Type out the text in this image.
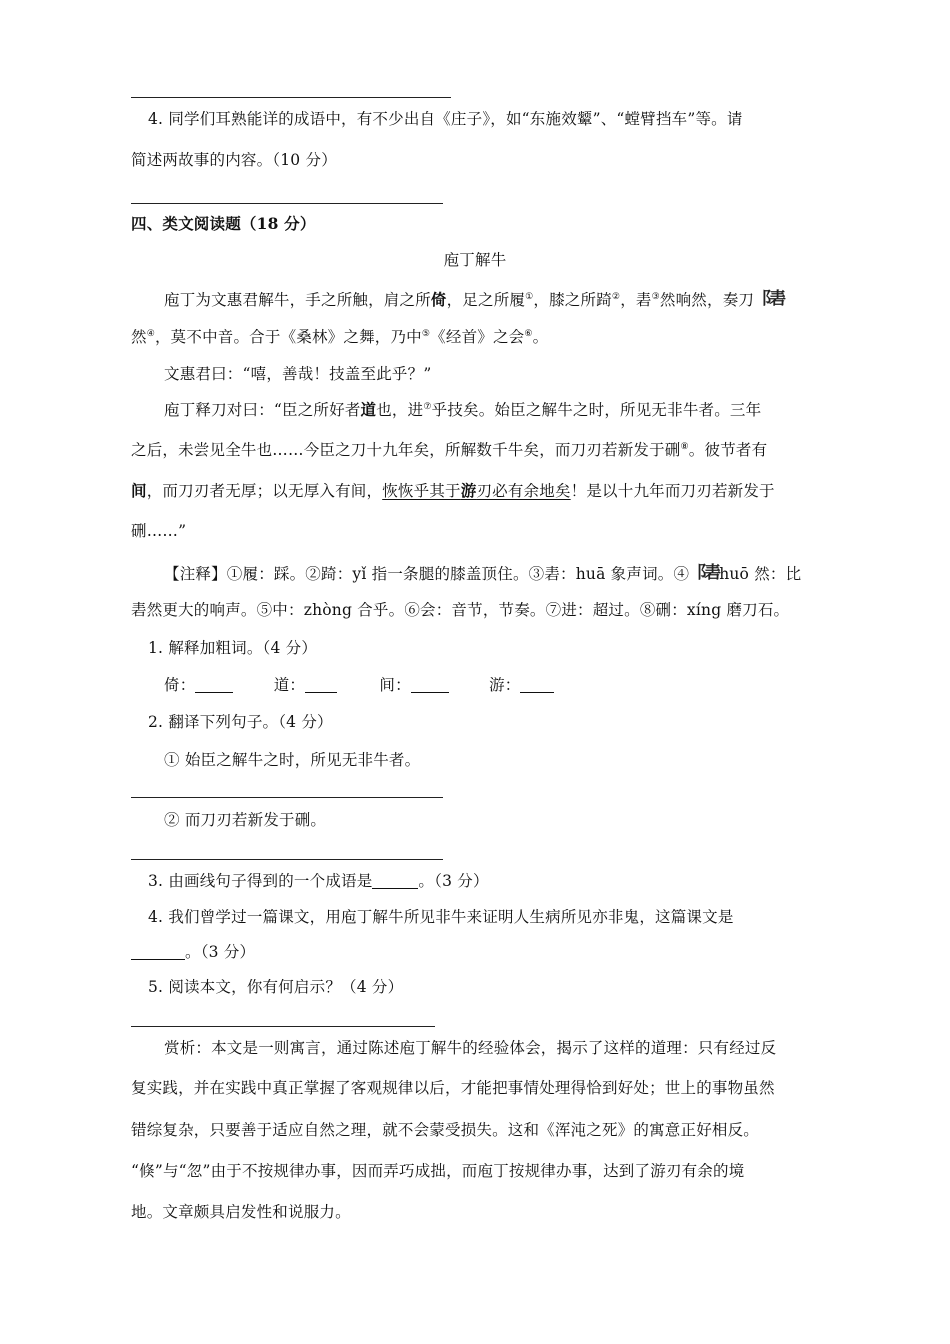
4. 同学们耳熟能详的成语中，有不少出自《庄子》，如“东施效颦”、“螳臂挡车”等。请
简述两故事的内容。（10 分）
四、类文阅读题（18 分）
庖丁解牛
庖丁为文惠君解牛，手之所触，肩之所倚，足之所履①，膝之所踦②，砉③然响然，奏刀⻏砉
然④，莫不中音。合于《桑林》之舞，乃中⑤《经首》之会⑥。
文惠君曰：“嘻，善哉！技盖至此乎？”
庖丁释刀对曰：“臣之所好者道也，进⑦乎技矣。始臣之解牛之时，所见无非牛者。三年
之后，未尝见全牛也……今臣之刀十九年矣，所解数千牛矣，而刀刃若新发于硎⑧。彼节者有
间，而刀刃者无厚；以无厚入有间，恢恢乎其于游刃必有余地矣！是以十九年而刀刃若新发于
硎……”
【注释】①履：踩。②踦：yǐ 指一条腿的膝盖顶住。③砉：huā 象声词。④⻏砉huō 然：比
砉然更大的响声。⑤中：zhòng 合乎。⑥会：音节，节奏。⑦进：超过。⑧硎：xíng 磨刀石。
1. 解释加粗词。（4 分）
倚：	道：	间：	游：
2. 翻译下列句子。（4 分）
① 始臣之解牛之时，所见无非牛者。
② 而刀刃若新发于硎。
3. 由画线句子得到的一个成语是	。（3 分）
4. 我们曾学过一篇课文，用庖丁解牛所见非牛来证明人生病所见亦非鬼，这篇课文是
。（3 分）
5. 阅读本文，你有何启示？（4 分）
赏析：本文是一则寓言，通过陈述庖丁解牛的经验体会，揭示了这样的道理：只有经过反
复实践，并在实践中真正掌握了客观规律以后，才能把事情处理得恰到好处；世上的事物虽然
错综复杂，只要善于适应自然之理，就不会蒙受损失。这和《浑沌之死》的寓意正好相反。
“倏”与“忽”由于不按规律办事，因而弄巧成拙，而庖丁按规律办事，达到了游刃有余的境
地。文章颇具启发性和说服力。
